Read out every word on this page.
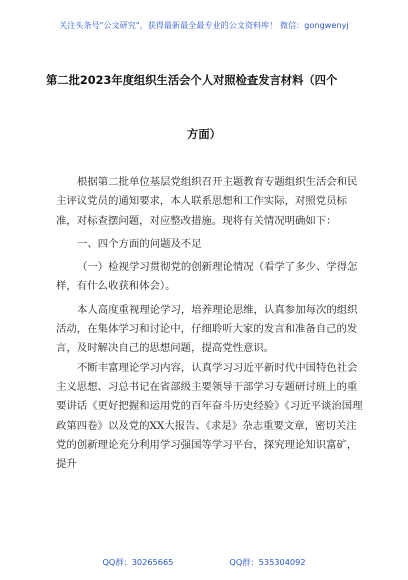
关注头条号"公文研究"，获得最新最全最专业的公文资料库！ 微信：gongwenyj
第二批2023年度组织生活会个人对照检查发言材料（四个
方面）

根据第二批单位基层党组织召开主题教育专题组织生活会和民主评议党员的通知要求，本人联系思想和工作实际，对照党员标准，对标查摆问题，对应整改措施。现将有关情况明确如下：

一、四个方面的问题及不足

（一）检视学习贯彻党的创新理论情况（看学了多少、学得怎样，有什么收获和体会）。

本人高度重视理论学习，培养理论思维，认真参加每次的组织活动，在集体学习和讨论中，仔细聆听大家的发言和准备自己的发言，及时解决自己的思想问题，提高党性意识。

不断丰富理论学习内容，认真学习习近平新时代中国特色社会主义思想、习总书记在省部级主要领导干部学习专题研讨班上的重要讲话《更好把握和运用党的百年奋斗历史经验》《习近平谈治国理政第四卷》以及党的XX大报告、《求是》杂志重要文章，密切关注党的创新理论充分利用学习强国等学习平台，探究理论知识富矿，提升

QQ群：30265665	QQ群：535304092
